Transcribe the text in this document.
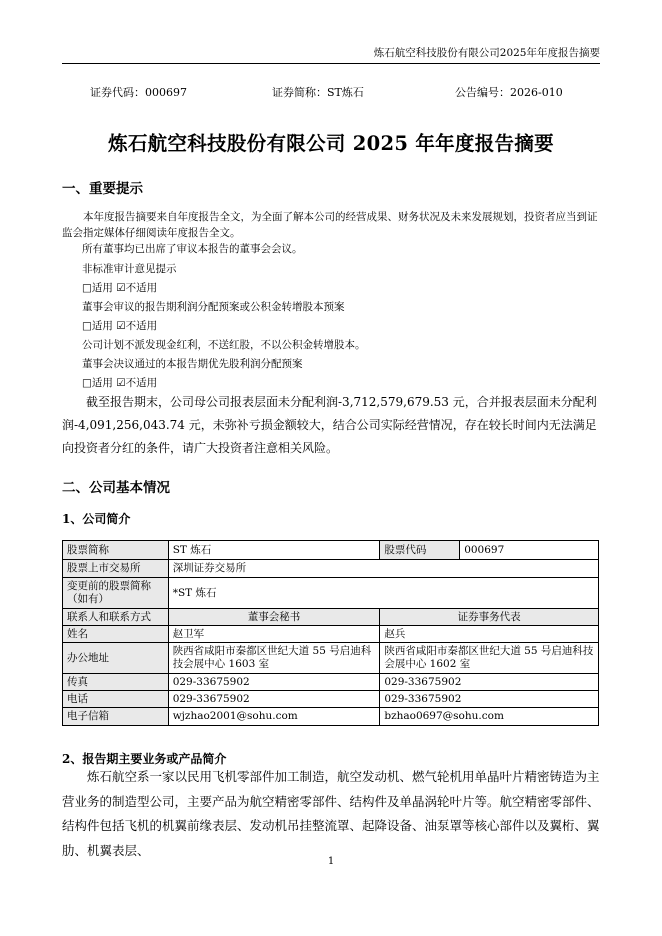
炼石航空科技股份有限公司2025年年度报告摘要
证券代码：000697	证券简称：ST炼石	公告编号：2026-010
炼石航空科技股份有限公司 2025 年年度报告摘要
一、重要提示
本年度报告摘要来自年度报告全文，为全面了解本公司的经营成果、财务状况及未来发展规划，投资者应当到证监会指定媒体仔细阅读年度报告全文。
所有董事均已出席了审议本报告的董事会会议。
非标准审计意见提示
□适用 ☑不适用
董事会审议的报告期利润分配预案或公积金转增股本预案
□适用 ☑不适用
公司计划不派发现金红利，不送红股，不以公积金转增股本。
董事会决议通过的本报告期优先股利润分配预案
□适用 ☑不适用
截至报告期末，公司母公司报表层面未分配利润-3,712,579,679.53 元，合并报表层面未分配利润-4,091,256,043.74 元，未弥补亏损金额较大，结合公司实际经营情况，存在较长时间内无法满足向投资者分红的条件，请广大投资者注意相关风险。
二、公司基本情况
1、公司简介
股票简称	ST 炼石	股票代码	000697
股票上市交易所	深圳证券交易所		
变更前的股票简称（如有）	*ST 炼石		
联系人和联系方式	董事会秘书	证券事务代表	
姓名	赵卫军	赵兵	
办公地址	陕西省咸阳市秦都区世纪大道 55 号启迪科技会展中心 1603 室	陕西省咸阳市秦都区世纪大道 55 号启迪科技会展中心 1602 室	
传真	029-33675902	029-33675902	
电话	029-33675902	029-33675902	
电子信箱	wjzhao2001@sohu.com	bzhao0697@sohu.com	
2、报告期主要业务或产品简介
炼石航空系一家以民用飞机零部件加工制造，航空发动机、燃气轮机用单晶叶片精密铸造为主营业务的制造型公司，主要产品为航空精密零部件、结构件及单晶涡轮叶片等。航空精密零部件、结构件包括飞机的机翼前缘表层、发动机吊挂整流罩、起降设备、油泵罩等核心部件以及翼桁、翼肋、机翼表层、
1
